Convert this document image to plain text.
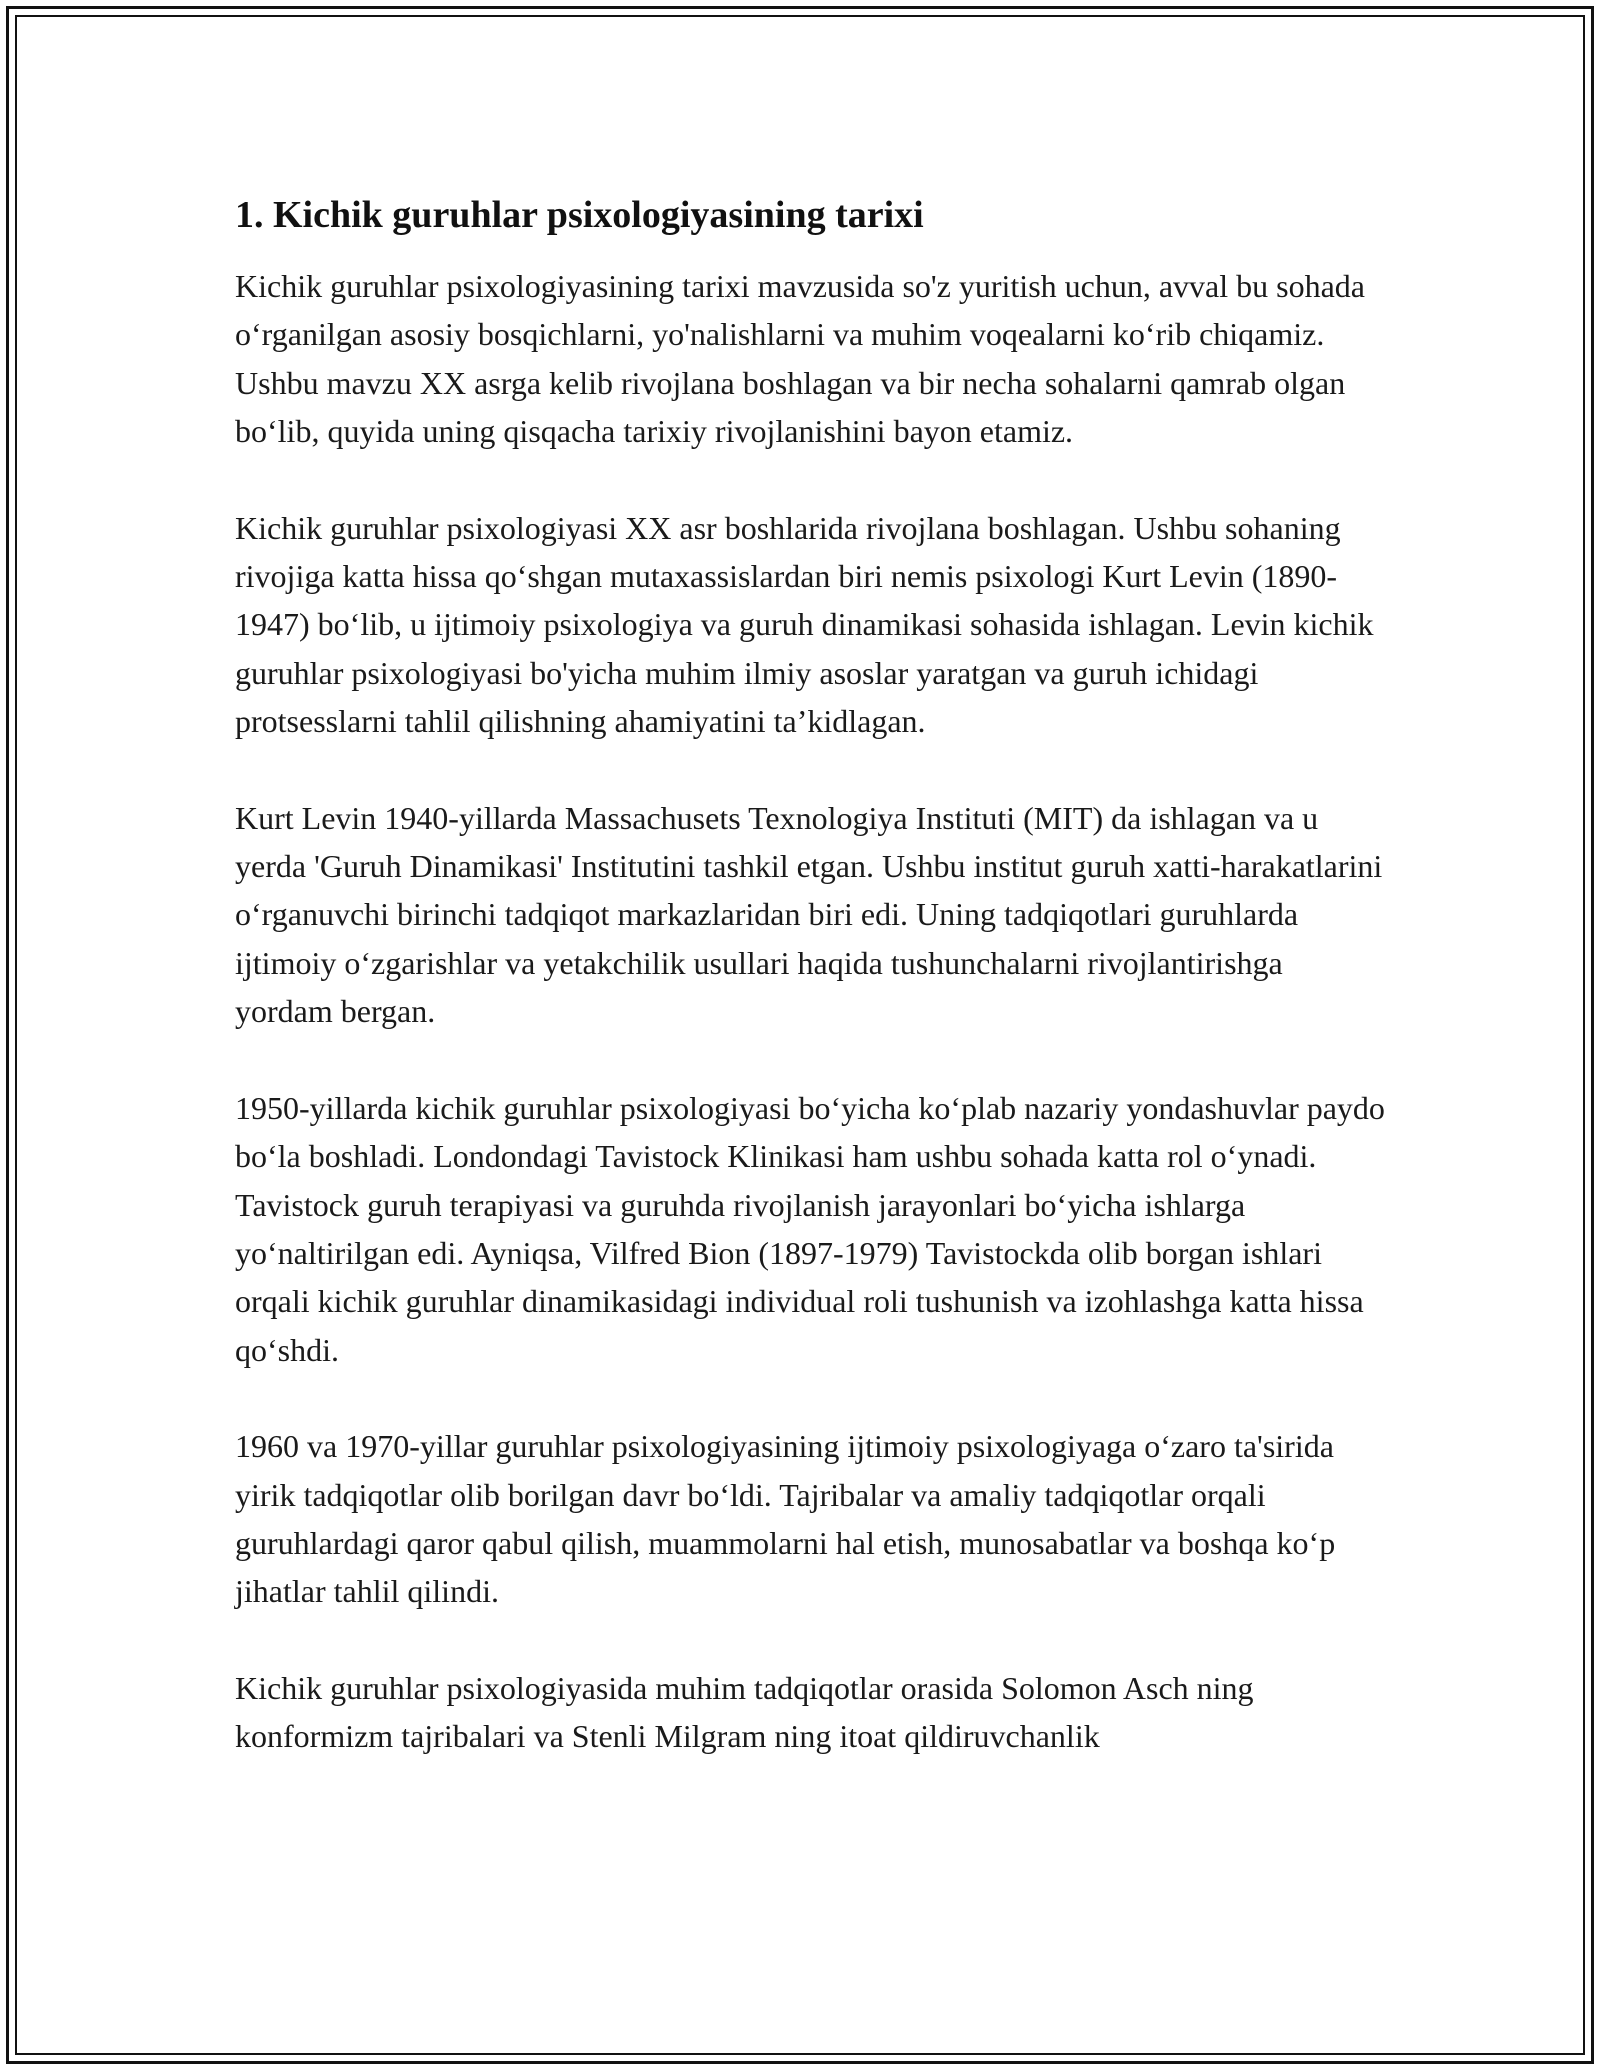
1. Kichik guruhlar psixologiyasining tarixi

Kichik guruhlar psixologiyasining tarixi mavzusida so'z yuritish uchun, avval bu sohada o‘rganilgan asosiy bosqichlarni, yo'nalishlarni va muhim voqealarni ko‘rib chiqamiz. Ushbu mavzu XX asrga kelib rivojlana boshlagan va bir necha sohalarni qamrab olgan bo‘lib, quyida uning qisqacha tarixiy rivojlanishini bayon etamiz.

Kichik guruhlar psixologiyasi XX asr boshlarida rivojlana boshlagan. Ushbu sohaning rivojiga katta hissa qo‘shgan mutaxassislardan biri nemis psixologi Kurt Levin (1890-1947) bo‘lib, u ijtimoiy psixologiya va guruh dinamikasi sohasida ishlagan. Levin kichik guruhlar psixologiyasi bo'yicha muhim ilmiy asoslar yaratgan va guruh ichidagi protsesslarni tahlil qilishning ahamiyatini ta’kidlagan.

Kurt Levin 1940-yillarda Massachusets Texnologiya Instituti (MIT) da ishlagan va u yerda 'Guruh Dinamikasi' Institutini tashkil etgan. Ushbu institut guruh xatti-harakatlarini o‘rganuvchi birinchi tadqiqot markazlaridan biri edi. Uning tadqiqotlari guruhlarda ijtimoiy o‘zgarishlar va yetakchilik usullari haqida tushunchalarni rivojlantirishga yordam bergan.

1950-yillarda kichik guruhlar psixologiyasi bo‘yicha ko‘plab nazariy yondashuvlar paydo bo‘la boshladi. Londondagi Tavistock Klinikasi ham ushbu sohada katta rol o‘ynadi. Tavistock guruh terapiyasi va guruhda rivojlanish jarayonlari bo‘yicha ishlarga yo‘naltirilgan edi. Ayniqsa, Vilfred Bion (1897-1979) Tavistockda olib borgan ishlari orqali kichik guruhlar dinamikasidagi individual roli tushunish va izohlashga katta hissa qo‘shdi.

1960 va 1970-yillar guruhlar psixologiyasining ijtimoiy psixologiyaga o‘zaro ta'sirida yirik tadqiqotlar olib borilgan davr bo‘ldi. Tajribalar va amaliy tadqiqotlar orqali guruhlardagi qaror qabul qilish, muammolarni hal etish, munosabatlar va boshqa ko‘p jihatlar tahlil qilindi.

Kichik guruhlar psixologiyasida muhim tadqiqotlar orasida Solomon Asch ning konformizm tajribalari va Stenli Milgram ning itoat qildiruvchanlik
